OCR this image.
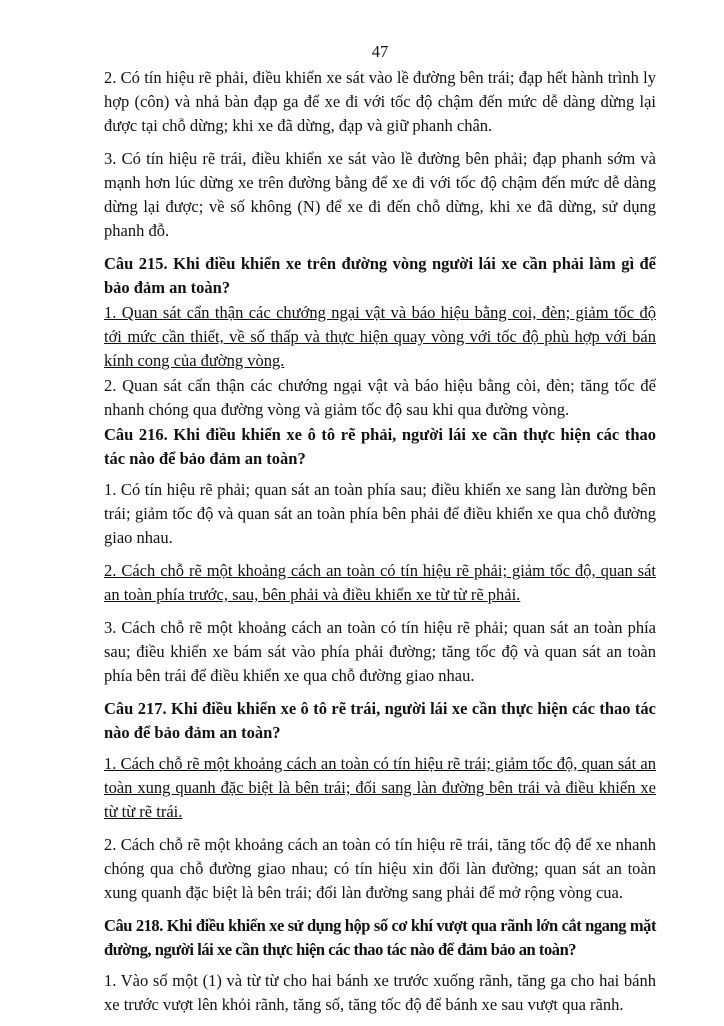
47

2. Có tín hiệu rẽ phải, điều khiển xe sát vào lề đường bên trái; đạp hết hành trình ly hợp (côn) và nhả bàn đạp ga để xe đi với tốc độ chậm đến mức dễ dàng dừng lại được tại chỗ dừng; khi xe đã dừng, đạp và giữ phanh chân.

3. Có tín hiệu rẽ trái, điều khiển xe sát vào lề đường bên phải; đạp phanh sớm và mạnh hơn lúc dừng xe trên đường bằng để xe đi với tốc độ chậm đến mức dễ dàng dừng lại được; về số không (N) để xe đi đến chỗ dừng, khi xe đã dừng, sử dụng phanh đỗ.

Câu 215. Khi điều khiển xe trên đường vòng người lái xe cần phải làm gì để bảo đảm an toàn?

1. Quan sát cẩn thận các chướng ngại vật và báo hiệu bằng coi, đèn; giảm tốc độ tới mức cần thiết, về số thấp và thực hiện quay vòng với tốc độ phù hợp với bán kính cong của đường vòng.

2. Quan sát cẩn thận các chướng ngại vật và báo hiệu bằng còi, đèn; tăng tốc để nhanh chóng qua đường vòng và giảm tốc độ sau khi qua đường vòng.

Câu 216. Khi điều khiển xe ô tô rẽ phải, người lái xe cần thực hiện các thao tác nào để bảo đảm an toàn?

1. Có tín hiệu rẽ phải; quan sát an toàn phía sau; điều khiển xe sang làn đường bên trái; giảm tốc độ và quan sát an toàn phía bên phải để điều khiển xe qua chỗ đường giao nhau.

2. Cách chỗ rẽ một khoảng cách an toàn có tín hiệu rẽ phải; giảm tốc độ, quan sát an toàn phía trước, sau, bên phải và điều khiển xe từ từ rẽ phải.

3. Cách chỗ rẽ một khoảng cách an toàn có tín hiệu rẽ phải; quan sát an toàn phía sau; điều khiển xe bám sát vào phía phải đường; tăng tốc độ và quan sát an toàn phía bên trái để điều khiển xe qua chỗ đường giao nhau.

Câu 217. Khi điều khiển xe ô tô rẽ trái, người lái xe cần thực hiện các thao tác nào để bảo đảm an toàn?

1. Cách chỗ rẽ một khoảng cách an toàn có tín hiệu rẽ trái; giảm tốc độ, quan sát an toàn xung quanh đặc biệt là bên trái; đổi sang làn đường bên trái và điều khiển xe từ từ rẽ trái.

2. Cách chỗ rẽ một khoảng cách an toàn có tín hiệu rẽ trái, tăng tốc độ để xe nhanh chóng qua chỗ đường giao nhau; có tín hiệu xin đổi làn đường; quan sát an toàn xung quanh đặc biệt là bên trái; đổi làn đường sang phải để mở rộng vòng cua.

Câu 218. Khi điều khiển xe sử dụng hộp số cơ khí vượt qua rãnh lớn cắt ngang mặt đường, người lái xe cần thực hiện các thao tác nào để đảm bảo an toàn?

1. Vào số một (1) và từ từ cho hai bánh xe trước xuống rãnh, tăng ga cho hai bánh xe trước vượt lên khỏi rãnh, tăng số, tăng tốc độ để bánh xe sau vượt qua rãnh.
